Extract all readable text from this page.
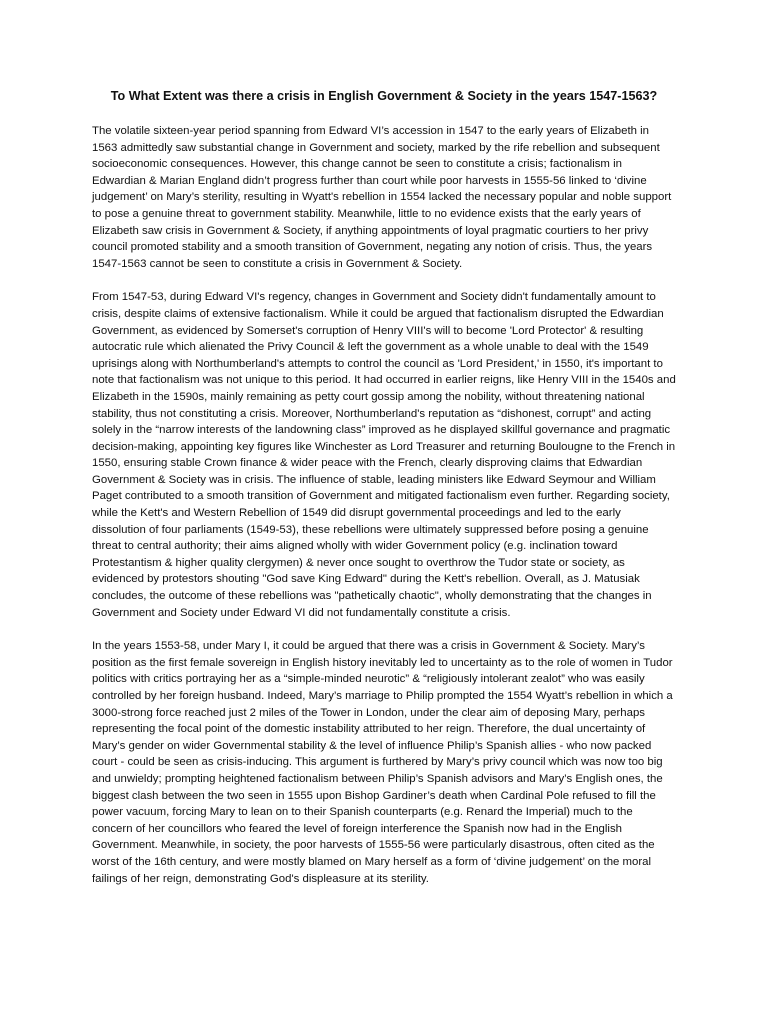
To What Extent was there a crisis in English Government & Society in the years 1547-1563?

The volatile sixteen-year period spanning from Edward VI’s accession in 1547 to the early years of Elizabeth in 1563 admittedly saw substantial change in Government and society, marked by the rife rebellion and subsequent socioeconomic consequences. However, this change cannot be seen to constitute a crisis; factionalism in Edwardian & Marian England didn’t progress further than court while poor harvests in 1555-56 linked to ‘divine judgement’ on Mary’s sterility, resulting in Wyatt's rebellion in 1554 lacked the necessary popular and noble support to pose a genuine threat to government stability. Meanwhile, little to no evidence exists that the early years of Elizabeth saw crisis in Government & Society, if anything appointments of loyal pragmatic courtiers to her privy council promoted stability and a smooth transition of Government, negating any notion of crisis. Thus, the years 1547-1563 cannot be seen to constitute a crisis in Government & Society.

From 1547-53, during Edward VI's regency, changes in Government and Society didn't fundamentally amount to crisis, despite claims of extensive factionalism. While it could be argued that factionalism disrupted the Edwardian Government, as evidenced by Somerset's corruption of Henry VIII's will to become 'Lord Protector' & resulting autocratic rule which alienated the Privy Council & left the government as a whole unable to deal with the 1549 uprisings along with Northumberland's attempts to control the council as 'Lord President,' in 1550, it's important to note that factionalism was not unique to this period. It had occurred in earlier reigns, like Henry VIII in the 1540s and Elizabeth in the 1590s, mainly remaining as petty court gossip among the nobility, without threatening national stability, thus not constituting a crisis. Moreover, Northumberland's reputation as “dishonest, corrupt” and acting solely in the “narrow interests of the landowning class” improved as he displayed skillful governance and pragmatic decision-making, appointing key figures like Winchester as Lord Treasurer and returning Boulougne to the French in 1550, ensuring stable Crown finance & wider peace with the French, clearly disproving claims that Edwardian Government & Society was in crisis. The influence of stable, leading ministers like Edward Seymour and William Paget contributed to a smooth transition of Government and mitigated factionalism even further. Regarding society, while the Kett's and Western Rebellion of 1549 did disrupt governmental proceedings and led to the early dissolution of four parliaments (1549-53), these rebellions were ultimately suppressed before posing a genuine threat to central authority; their aims aligned wholly with wider Government policy (e.g. inclination toward Protestantism & higher quality clergymen) & never once sought to overthrow the Tudor state or society, as evidenced by protestors shouting "God save King Edward" during the Kett's rebellion. Overall, as J. Matusiak concludes, the outcome of these rebellions was "pathetically chaotic", wholly demonstrating that the changes in Government and Society under Edward VI did not fundamentally constitute a crisis.

In the years 1553-58, under Mary I, it could be argued that there was a crisis in Government & Society. Mary’s position as the first female sovereign in English history inevitably led to uncertainty as to the role of women in Tudor politics with critics portraying her as a “simple-minded neurotic” & “religiously intolerant zealot” who was easily controlled by her foreign husband. Indeed, Mary’s marriage to Philip prompted the 1554 Wyatt’s rebellion in which a 3000-strong force reached just 2 miles of the Tower in London, under the clear aim of deposing Mary, perhaps representing the focal point of the domestic instability attributed to her reign. Therefore, the dual uncertainty of Mary’s gender on wider Governmental stability & the level of influence Philip’s Spanish allies - who now packed court - could be seen as crisis-inducing. This argument is furthered by Mary’s privy council which was now too big and unwieldy; prompting heightened factionalism between Philip’s Spanish advisors and Mary’s English ones, the biggest clash between the two seen in 1555 upon Bishop Gardiner’s death when Cardinal Pole refused to fill the power vacuum, forcing Mary to lean on to their Spanish counterparts (e.g. Renard the Imperial) much to the concern of her councillors who feared the level of foreign interference the Spanish now had in the English Government. Meanwhile, in society, the poor harvests of 1555-56 were particularly disastrous, often cited as the worst of the 16th century, and were mostly blamed on Mary herself as a form of ‘divine judgement’ on the moral failings of her reign, demonstrating God's displeasure at its sterility.
